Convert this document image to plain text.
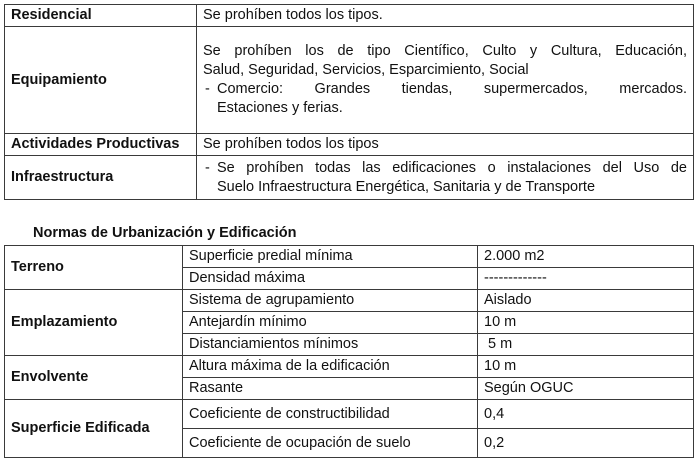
Residencial	Se prohíben todos los tipos.
Equipamiento	Se prohíben los de tipo Científico, Culto y Cultura, Educación,
Salud, Seguridad, Servicios, Esparcimiento, Social
- Comercio: Grandes tiendas, supermercados, mercados.
Estaciones y ferias.

Actividades Productivas	Se prohíben todos los tipos
Infraestructura	- Se prohíben todas las edificaciones o instalaciones del Uso de
Suelo Infraestructura Energética, Sanitaria y de Transporte

Normas de Urbanización y Edificación

Terreno	Superficie predial mínima	2.000 m2
	Densidad máxima	-------------
Emplazamiento	Sistema de agrupamiento	Aislado
	Antejardín mínimo	10 m
	Distanciamientos mínimos	5 m
Envolvente	Altura máxima de la edificación	10 m
	Rasante	Según OGUC
Superficie Edificada	Coeficiente de constructibilidad	0,4
	Coeficiente de ocupación de suelo	0,2
